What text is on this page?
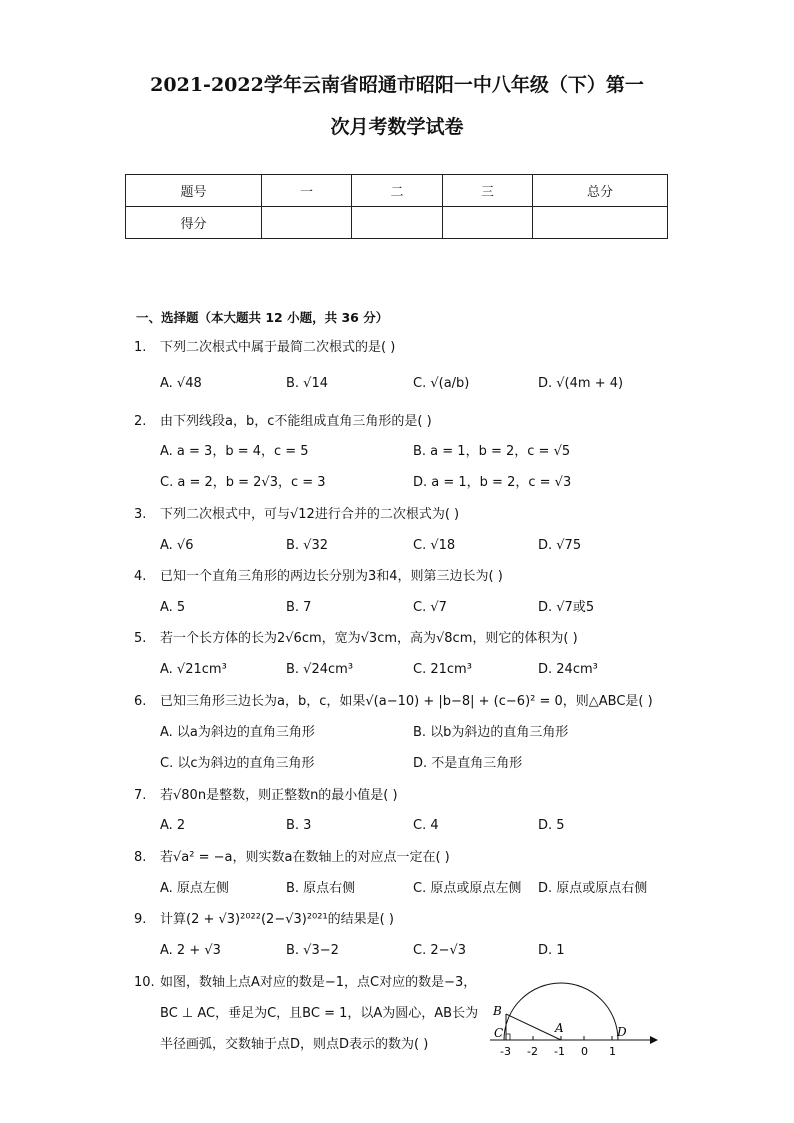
2021-2022学年云南省昭通市昭阳一中八年级（下）第一
次月考数学试卷
题号	一	二	三	总分
得分				
一、选择题（本大题共 12 小题，共 36 分）
1. 下列二次根式中属于最简二次根式的是( )
A. √48	B. √14	C. √(a/b)	D. √(4m + 4)
2. 由下列线段a，b，c不能组成直角三角形的是( )
A. a = 3，b = 4，c = 5	B. a = 1，b = 2，c = √5
C. a = 2，b = 2√3，c = 3	D. a = 1，b = 2，c = √3
3. 下列二次根式中，可与√12进行合并的二次根式为( )
A. √6	B. √32	C. √18	D. √75
4. 已知一个直角三角形的两边长分别为3和4，则第三边长为( )
A. 5	B. 7	C. √7	D. √7或5
5. 若一个长方体的长为2√6cm，宽为√3cm，高为√8cm，则它的体积为( )
A. √21cm³	B. √24cm³	C. 21cm³	D. 24cm³
6. 已知三角形三边长为a，b，c，如果√(a−10) + |b−8| + (c−6)² = 0，则△ABC是( )
A. 以a为斜边的直角三角形	B. 以b为斜边的直角三角形
C. 以c为斜边的直角三角形	D. 不是直角三角形
7. 若√80n是整数，则正整数n的最小值是( )
A. 2	B. 3	C. 4	D. 5
8. 若√a² = −a，则实数a在数轴上的对应点一定在( )
A. 原点左侧	B. 原点右侧	C. 原点或原点左侧 D. 原点或原点右侧
9. 计算(2 + √3)²⁰²²(2−√3)²⁰²¹的结果是( )
A. 2 + √3	B. √3−2	C. 2−√3	D. 1
10. 如图，数轴上点A对应的数是−1，点C对应的数是−3，
BC ⊥ AC，垂足为C，且BC = 1，以A为圆心，AB长为
半径画弧，交数轴于点D，则点D表示的数为( )
B
C	A	D
-3 -2 -1 0 1
